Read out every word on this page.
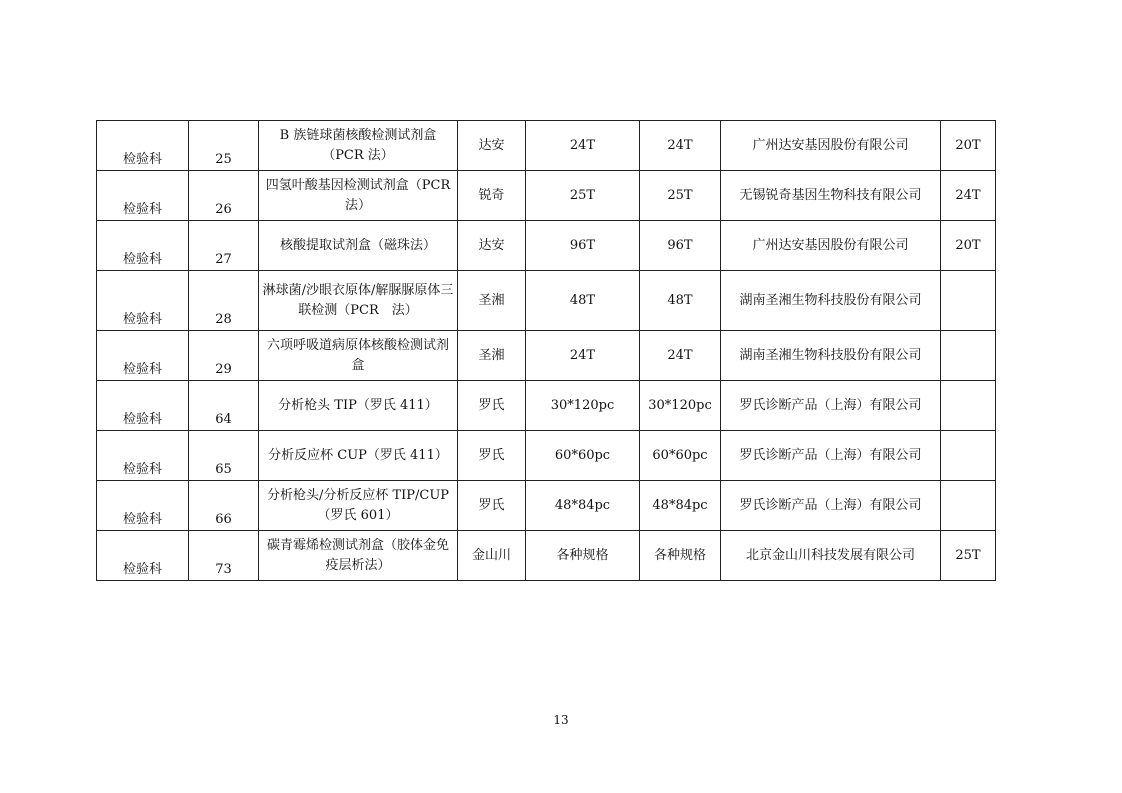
检验科	25	B 族链球菌核酸检测试剂盒（PCR 法）	达安	24T	24T	广州达安基因股份有限公司	20T
检验科	26	四氢叶酸基因检测试剂盒（PCR 法）	锐奇	25T	25T	无锡锐奇基因生物科技有限公司	24T
检验科	27	核酸提取试剂盒（磁珠法）	达安	96T	96T	广州达安基因股份有限公司	20T
检验科	28	淋球菌/沙眼衣原体/解脲脲原体三联检测（PCR　法）	圣湘	48T	48T	湖南圣湘生物科技股份有限公司	
检验科	29	六项呼吸道病原体核酸检测试剂盒	圣湘	24T	24T	湖南圣湘生物科技股份有限公司	
检验科	64	分析枪头 TIP（罗氏 411）	罗氏	30*120pc	30*120pc	罗氏诊断产品（上海）有限公司	
检验科	65	分析反应杯 CUP（罗氏 411）	罗氏	60*60pc	60*60pc	罗氏诊断产品（上海）有限公司	
检验科	66	分析枪头/分析反应杯 TIP/CUP（罗氏 601）	罗氏	48*84pc	48*84pc	罗氏诊断产品（上海）有限公司	
检验科	73	碳青霉烯检测试剂盒（胶体金免疫层析法）	金山川	各种规格	各种规格	北京金山川科技发展有限公司	25T
13
